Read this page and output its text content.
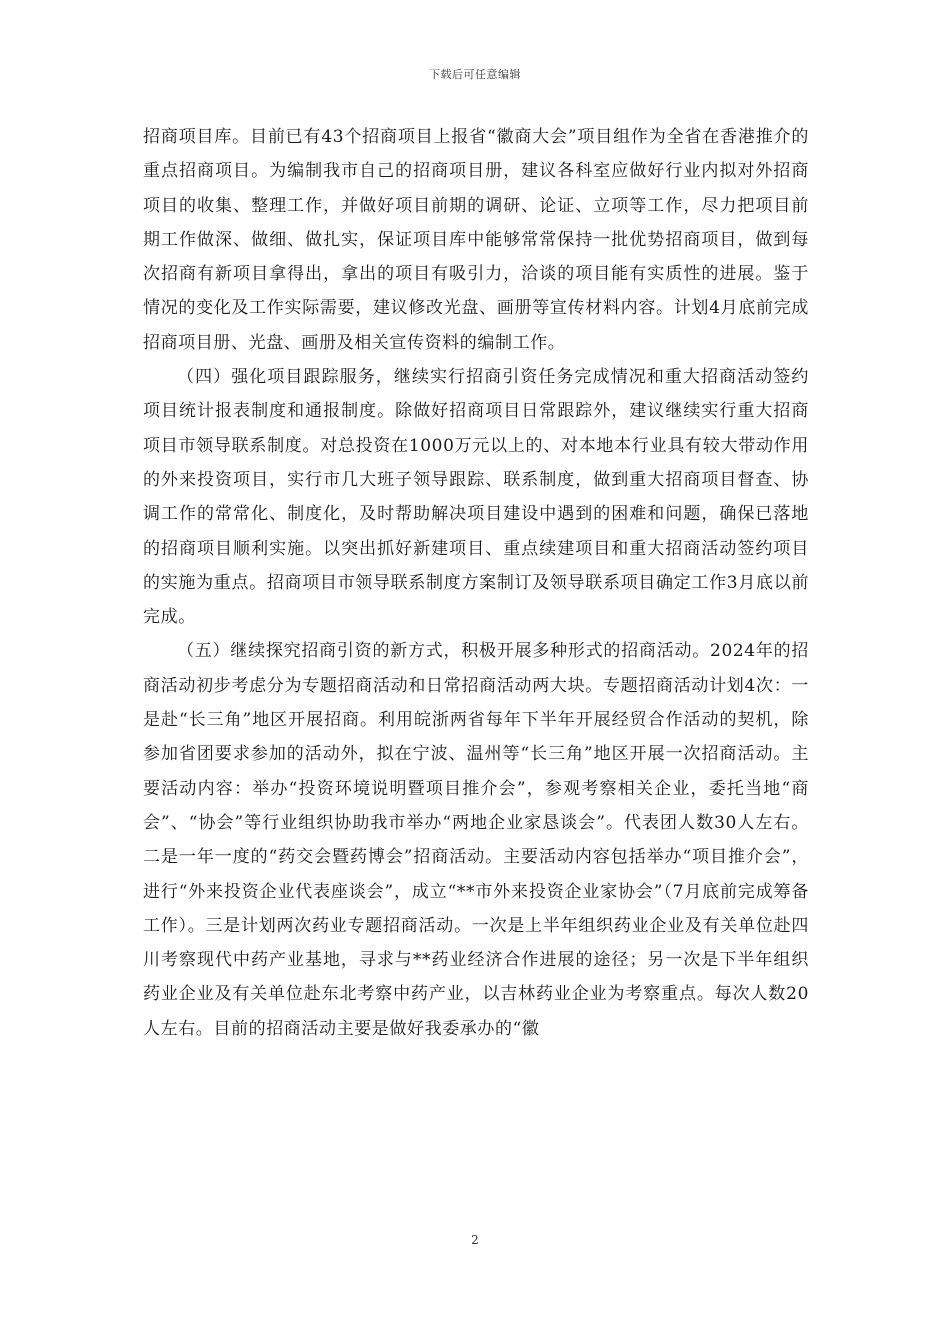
下载后可任意编辑

招商项目库。目前已有43个招商项目上报省“徽商大会”项目组作为全省在香港推介的重点招商项目。为编制我市自己的招商项目册，建议各科室应做好行业内拟对外招商项目的收集、整理工作，并做好项目前期的调研、论证、立项等工作，尽力把项目前期工作做深、做细、做扎实，保证项目库中能够常常保持一批优势招商项目，做到每次招商有新项目拿得出，拿出的项目有吸引力，洽谈的项目能有实质性的进展。鉴于情况的变化及工作实际需要，建议修改光盘、画册等宣传材料内容。计划4月底前完成招商项目册、光盘、画册及相关宣传资料的编制工作。

（四）强化项目跟踪服务，继续实行招商引资任务完成情况和重大招商活动签约项目统计报表制度和通报制度。除做好招商项目日常跟踪外，建议继续实行重大招商项目市领导联系制度。对总投资在1000万元以上的、对本地本行业具有较大带动作用的外来投资项目，实行市几大班子领导跟踪、联系制度，做到重大招商项目督查、协调工作的常常化、制度化，及时帮助解决项目建设中遇到的困难和问题，确保已落地的招商项目顺利实施。以突出抓好新建项目、重点续建项目和重大招商活动签约项目的实施为重点。招商项目市领导联系制度方案制订及领导联系项目确定工作3月底以前完成。

（五）继续探究招商引资的新方式，积极开展多种形式的招商活动。2024年的招商活动初步考虑分为专题招商活动和日常招商活动两大块。专题招商活动计划4次：一是赴“长三角”地区开展招商。利用皖浙两省每年下半年开展经贸合作活动的契机，除参加省团要求参加的活动外，拟在宁波、温州等“长三角”地区开展一次招商活动。主要活动内容：举办“投资环境说明暨项目推介会”，参观考察相关企业，委托当地“商会”、“协会”等行业组织协助我市举办“两地企业家恳谈会”。代表团人数30人左右。二是一年一度的“药交会暨药博会”招商活动。主要活动内容包括举办“项目推介会”，进行“外来投资企业代表座谈会”，成立“**市外来投资企业家协会”（7月底前完成筹备工作）。三是计划两次药业专题招商活动。一次是上半年组织药业企业及有关单位赴四川考察现代中药产业基地，寻求与**药业经济合作进展的途径；另一次是下半年组织药业企业及有关单位赴东北考察中药产业，以吉林药业企业为考察重点。每次人数20人左右。目前的招商活动主要是做好我委承办的“徽

2
